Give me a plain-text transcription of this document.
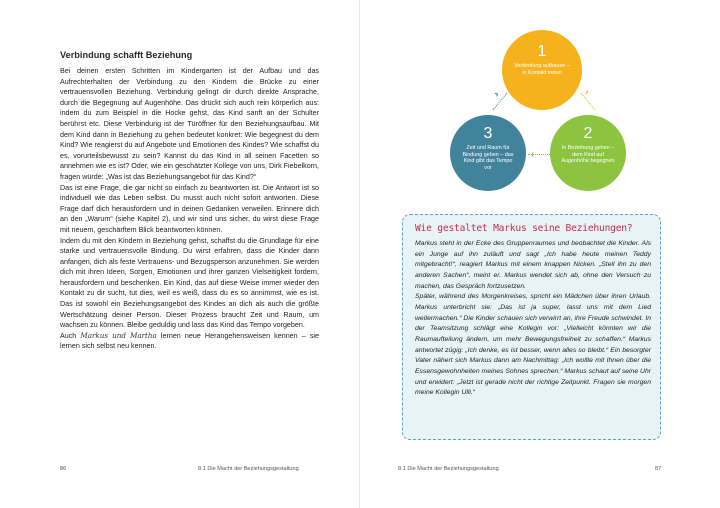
Verbindung schafft Beziehung

Bei deinen ersten Schritten im Kindergarten ist der Aufbau und das Aufrechterhalten der Verbindung zu den Kindern die Brücke zu einer vertrauensvollen Beziehung. Verbindung gelingt dir durch direkte Ansprache, durch die Begegnung auf Augenhöhe. Das drückt sich auch rein körperlich aus: indem du zum Beispiel in die Hocke gehst, das Kind sanft an der Schulter berührst etc. Diese Verbindung ist der Türöffner für den Beziehungsaufbau. Mit dem Kind dann in Beziehung zu gehen bedeutet konkret: Wie begegnest du dem Kind? Wie reagierst du auf Angebote und Emotionen des Kindes? Wie schaffst du es, vorurteilsbewusst zu sein? Kannst du das Kind in all seinen Facetten so annehmen wie es ist? Oder, wie ein geschätzter Kollege von uns, Dirk Fiebelkorn, fragen würde: „Was ist das Beziehungsangebot für das Kind?“

Das ist eine Frage, die gar nicht so einfach zu beantworten ist. Die Antwort ist so individuell wie das Leben selbst. Du musst auch nicht sofort antworten. Diese Frage darf dich herausfordern und in deinen Gedanken verweilen. Erinnere dich an den „Warum“ (siehe Kapitel 2), und wir sind uns sicher, du wirst diese Frage mit neuem, geschärftem Blick beantworten können.

Indem du mit den Kindern in Beziehung gehst, schaffst du die Grundlage für eine starke und vertrauensvolle Bindung. Du wirst erfahren, dass die Kinder dann anfangen, dich als feste Vertrauens- und Bezugsperson anzunehmen. Sie werden dich mit ihren Ideen, Sorgen, Emotionen und ihrer ganzen Vielseitigkeit fordern, herausfordern und beschenken. Ein Kind, das auf diese Weise immer wieder den Kontakt zu dir sucht, tut dies, weil es weiß, dass du es so annimmst, wie es ist. Das ist sowohl ein Beziehungsangebot des Kindes an dich als auch die größte Wertschätzung deiner Person. Dieser Prozess braucht Zeit und Raum, um wachsen zu können. Bleibe geduldig und lass das Kind das Tempo vorgeben.

Auch Markus und Martha lernen neue Herangehensweisen kennen – sie lernen sich selbst neu kennen.

86	8.1 Die Macht der Beziehungsgestaltung
1
Verbindung aufbauen – in Kontakt treten
2
In Beziehung gehen – dem Kind auf Augenhöhe begegnen
3
Zeit und Raum für Bindung geben – das Kind gibt das Tempo vor
›
‹
›
Wie gestaltet Markus seine Beziehungen?

Markus steht in der Ecke des Gruppenraumes und beobachtet die Kinder. Als ein Junge auf ihn zuläuft und sagt „Ich habe heute meinen Teddy mitgebracht!“, reagiert Markus mit einem knappen Nicken. „Stell ihn zu den anderen Sachen“, meint er. Markus wendet sich ab, ohne den Versuch zu machen, das Gespräch fortzusetzen.

Später, während des Morgenkreises, spricht ein Mädchen über ihren Urlaub. Markus unterbricht sie: „Das ist ja super, lasst uns mit dem Lied weitermachen.“ Die Kinder schauen sich verwirrt an, ihre Freude schwindet. In der Teamsitzung schlägt eine Kollegin vor: „Vielleicht könnten wir die Raumaufteilung ändern, um mehr Bewegungsfreiheit zu schaffen.“ Markus antwortet zügig: „Ich denke, es ist besser, wenn alles so bleibt.“ Ein besorgter Vater nähert sich Markus dann am Nachmittag: „Ich wollte mit Ihnen über die Essensgewohnheiten meines Sohnes sprechen.“ Markus schaut auf seine Uhr und erwidert: „Jetzt ist gerade nicht der richtige Zeitpunkt. Fragen sie morgen meine Kollegin Ulli.“

8.1 Die Macht der Beziehungsgestaltung	87
